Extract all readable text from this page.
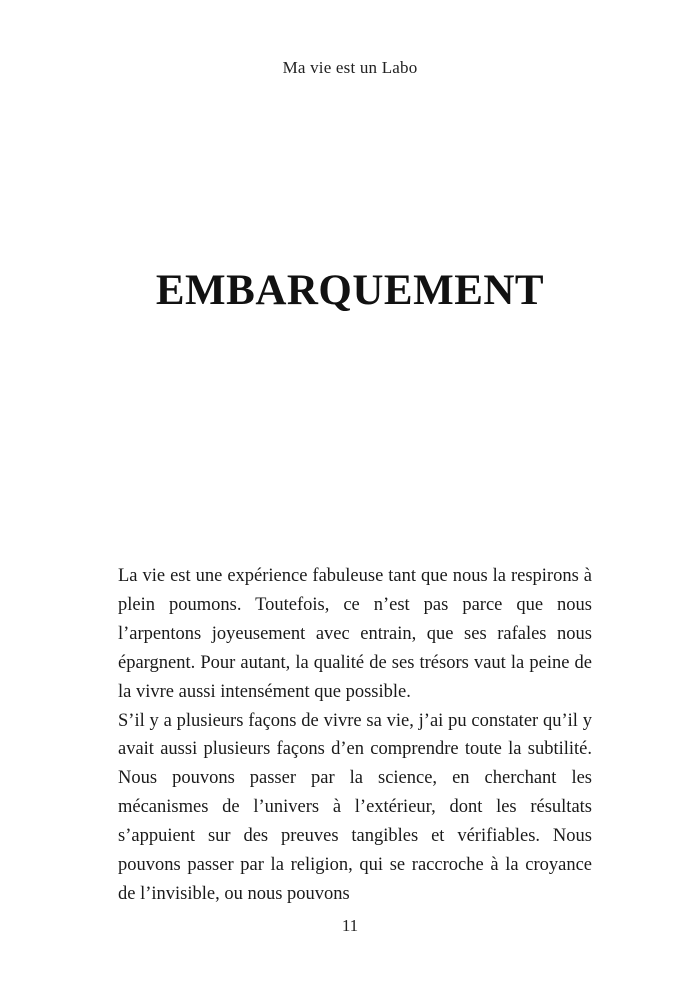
Ma vie est un Labo
EMBARQUEMENT

La vie est une expérience fabuleuse tant que nous la respirons à plein poumons. Toutefois, ce n’est pas parce que nous l’arpentons joyeusement avec entrain, que ses rafales nous épargnent. Pour autant, la qualité de ses trésors vaut la peine de la vivre aussi intensément que possible.

S’il y a plusieurs façons de vivre sa vie, j’ai pu constater qu’il y avait aussi plusieurs façons d’en comprendre toute la subtilité. Nous pouvons passer par la science, en cherchant les mécanismes de l’univers à l’extérieur, dont les résultats s’appuient sur des preuves tangibles et vérifiables. Nous pouvons passer par la religion, qui se raccroche à la croyance de l’invisible, ou nous pouvons

11
